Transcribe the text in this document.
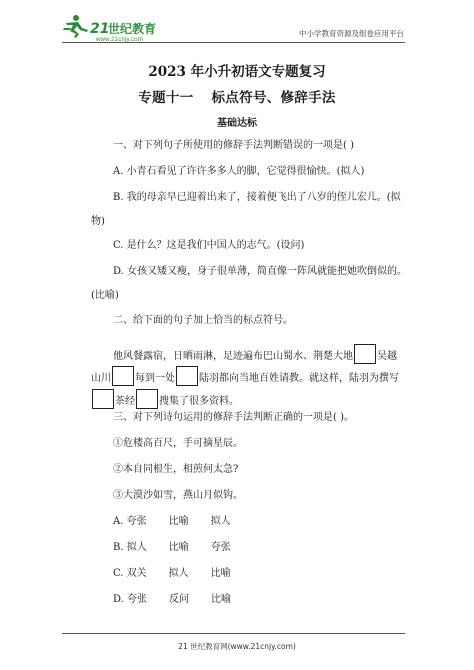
21
世纪教育
www.21cnjy.com
中小学教育资源及组卷应用平台
2023 年小升初语文专题复习
专题十一 标点符号、修辞手法
基础达标
一、对下列句子所使用的修辞手法判断错误的一项是( )
A. 小青石看见了许许多多人的脚，它觉得很愉快。(拟人)
B. 我的母亲早已迎着出来了，接着便飞出了八岁的侄儿宏儿。(拟
物)
C. 是什么？这是我们中国人的志气。(设问)
D. 女孩又矮又瘦，身子很单薄，简直像一阵风就能把她吹倒似的。
(比喻)
二、给下面的句子加上恰当的标点符号。
他风餐露宿，日晒雨淋，足迹遍布巴山蜀水、荆楚大地 吴越
山川 每到一处 陆羽都向当地百姓请教。就这样，陆羽为撰写
茶经 搜集了很多资料。
三、对下列诗句运用的修辞手法判断正确的一项是( )。
①危楼高百尺，手可摘星辰。
②本自同根生，相煎何太急?
③大漠沙如雪，燕山月似钩。
A. 夸张 比喻 拟人
B. 拟人 比喻 夸张
C. 双关 拟人 比喻
D. 夸张 反问 比喻
21 世纪教育网(www.21cnjy.com)
